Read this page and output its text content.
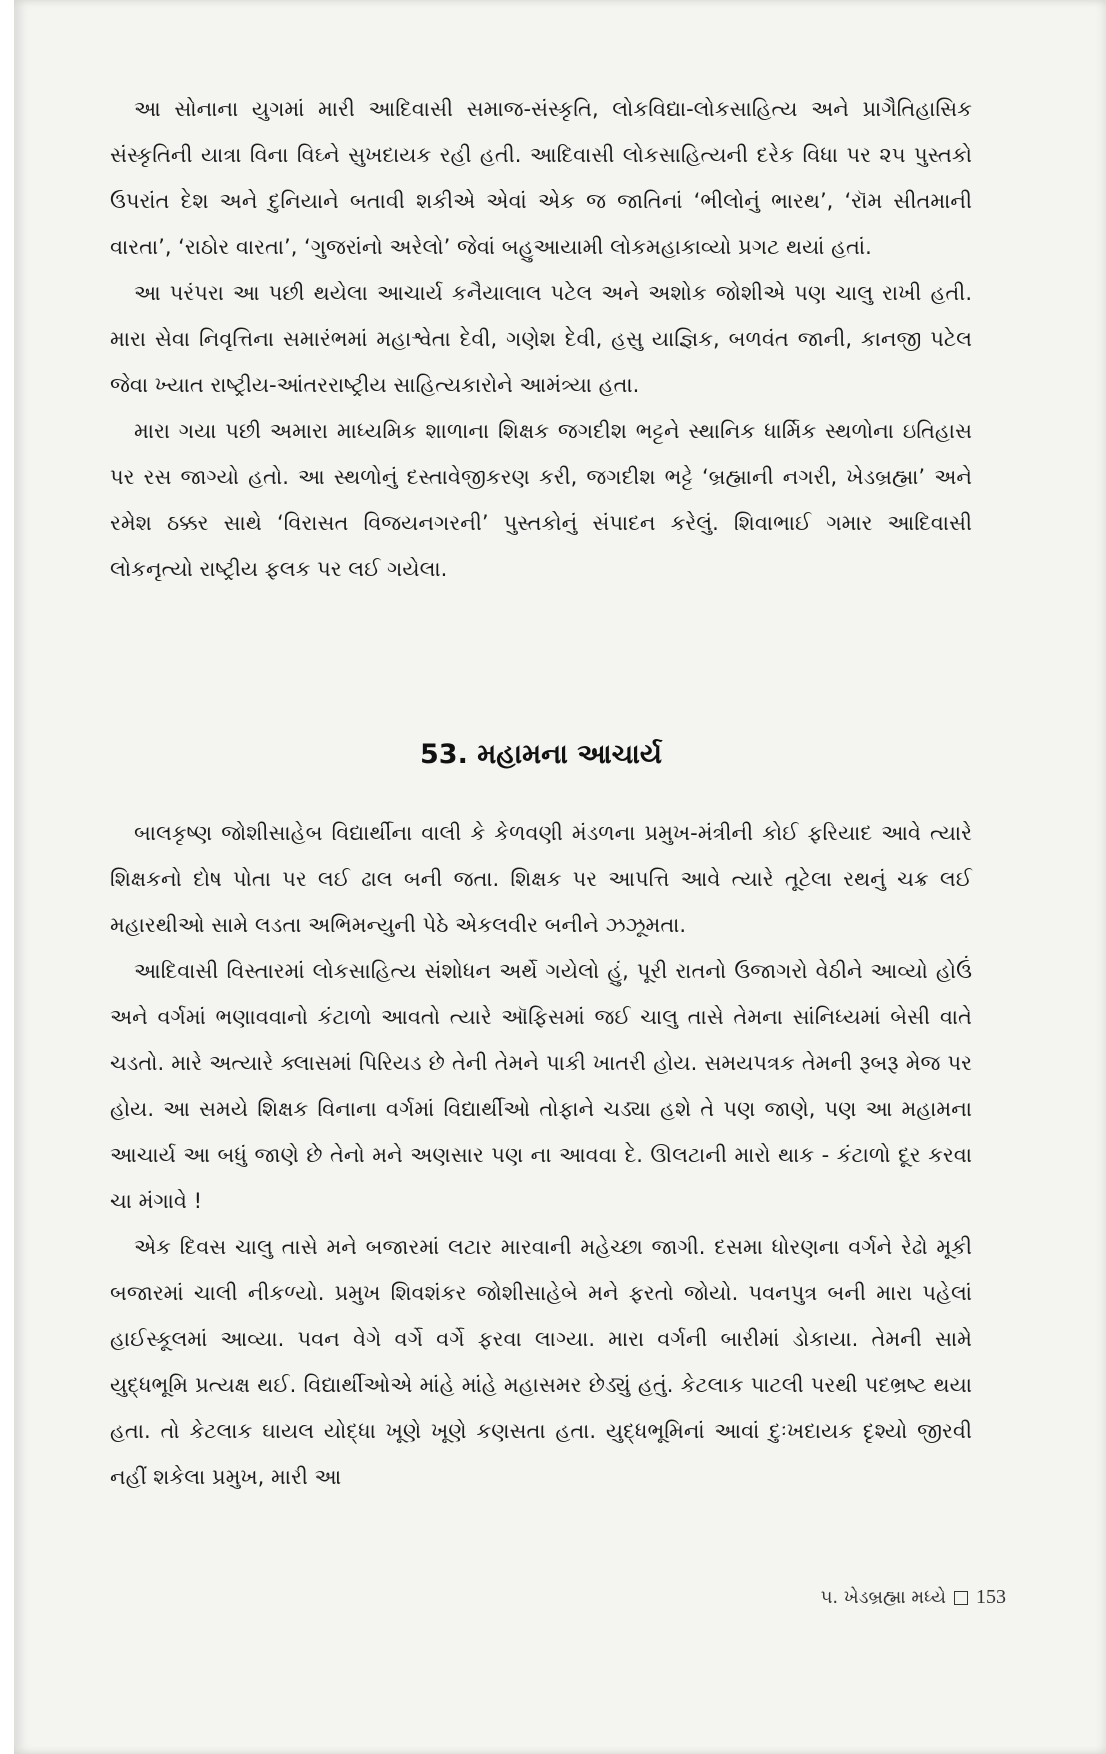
આ સોનાના યુગમાં મારી આદિવાસી સમાજ-સંસ્કૃતિ, લોકવિદ્યા-લોકસાહિત્ય અને પ્રાગૈતિહાસિક સંસ્કૃતિની યાત્રા વિના વિઘ્ને સુખદાયક રહી હતી. આદિવાસી લોકસાહિત્યની દરેક વિધા પર ૨૫ પુસ્તકો ઉપરાંત દેશ અને દુનિયાને બતાવી શકીએ એવાં એક જ જાતિનાં ‘ભીલોનું ભારથ’, ‘રૉમ સીતમાની વારતા’, ‘રાઠોર વારતા’, ‘ગુજરાંનો અરેલો’ જેવાં બહુઆયામી લોકમહાકાવ્યો પ્રગટ થયાં હતાં.

આ પરંપરા આ પછી થયેલા આચાર્ય કનૈયાલાલ પટેલ અને અશોક જોશીએ પણ ચાલુ રાખી હતી. મારા સેવા નિવૃત્તિના સમારંભમાં મહાશ્વેતા દેવી, ગણેશ દેવી, હસુ યાજ્ઞિક, બળવંત જાની, કાનજી પટેલ જેવા ખ્યાત રાષ્ટ્રીય-આંતરરાષ્ટ્રીય સાહિત્યકારોને આમંત્ર્યા હતા.

મારા ગયા પછી અમારા માધ્યમિક શાળાના શિક્ષક જગદીશ ભટ્ટને સ્થાનિક ધાર્મિક સ્થળોના ઇતિહાસ પર રસ જાગ્યો હતો. આ સ્થળોનું દસ્તાવેજીકરણ કરી, જગદીશ ભટ્ટે ‘બ્રહ્માની નગરી, ખેડબ્રહ્મા’ અને રમેશ ઠક્કર સાથે ‘વિરાસત વિજયનગરની’ પુસ્તકોનું સંપાદન કરેલું. શિવાભાઈ ગમાર આદિવાસી લોકનૃત્યો રાષ્ટ્રીય ફલક પર લઈ ગયેલા.

53. મહામના આચાર્ય

બાલકૃષ્ણ જોશીસાહેબ વિદ્યાર્થીના વાલી કે કેળવણી મંડળના પ્રમુખ-મંત્રીની કોઈ ફરિયાદ આવે ત્યારે શિક્ષકનો દોષ પોતા પર લઈ ઢાલ બની જતા. શિક્ષક પર આપત્તિ આવે ત્યારે તૂટેલા રથનું ચક્ર લઈ મહારથીઓ સામે લડતા અભિમન્યુની પેઠે એકલવીર બનીને ઝઝૂમતા.

આદિવાસી વિસ્તારમાં લોકસાહિત્ય સંશોધન અર્થે ગયેલો હું, પૂરી રાતનો ઉજાગરો વેઠીને આવ્યો હોઉં અને વર્ગમાં ભણાવવાનો કંટાળો આવતો ત્યારે ઑફિસમાં જઈ ચાલુ તાસે તેમના સાંનિધ્યમાં બેસી વાતે ચડતો. મારે અત્યારે ક્લાસમાં પિરિયડ છે તેની તેમને પાકી ખાતરી હોય. સમયપત્રક તેમની રૂબરૂ મેજ પર હોય. આ સમયે શિક્ષક વિનાના વર્ગમાં વિદ્યાર્થીઓ તોફાને ચડ્યા હશે તે પણ જાણે, પણ આ મહામના આચાર્ય આ બધું જાણે છે તેનો મને અણસાર પણ ના આવવા દે. ઊલટાની મારો થાક - કંટાળો દૂર કરવા ચા મંગાવે !

એક દિવસ ચાલુ તાસે મને બજારમાં લટાર મારવાની મહેચ્છા જાગી. દસમા ધોરણના વર્ગને રેઢો મૂકી બજારમાં ચાલી નીકળ્યો. પ્રમુખ શિવશંકર જોશીસાહેબે મને ફરતો જોયો. પવનપુત્ર બની મારા પહેલાં હાઈસ્કૂલમાં આવ્યા. પવન વેગે વર્ગે વર્ગે ફરવા લાગ્યા. મારા વર્ગની બારીમાં ડોકાયા. તેમની સામે યુદ્ધભૂમિ પ્રત્યક્ષ થઈ. વિદ્યાર્થીઓએ માંહે માંહે મહાસમર છેડ્યું હતું. કેટલાક પાટલી પરથી પદભ્રષ્ટ થયા હતા. તો કેટલાક ઘાયલ યોદ્ધા ખૂણે ખૂણે કણસતા હતા. યુદ્ધભૂમિનાં આવાં દુઃખદાયક દૃશ્યો જીરવી નહીં શકેલા પ્રમુખ, મારી આ

૫. ખેડબ્રહ્મા મધ્યે 153
